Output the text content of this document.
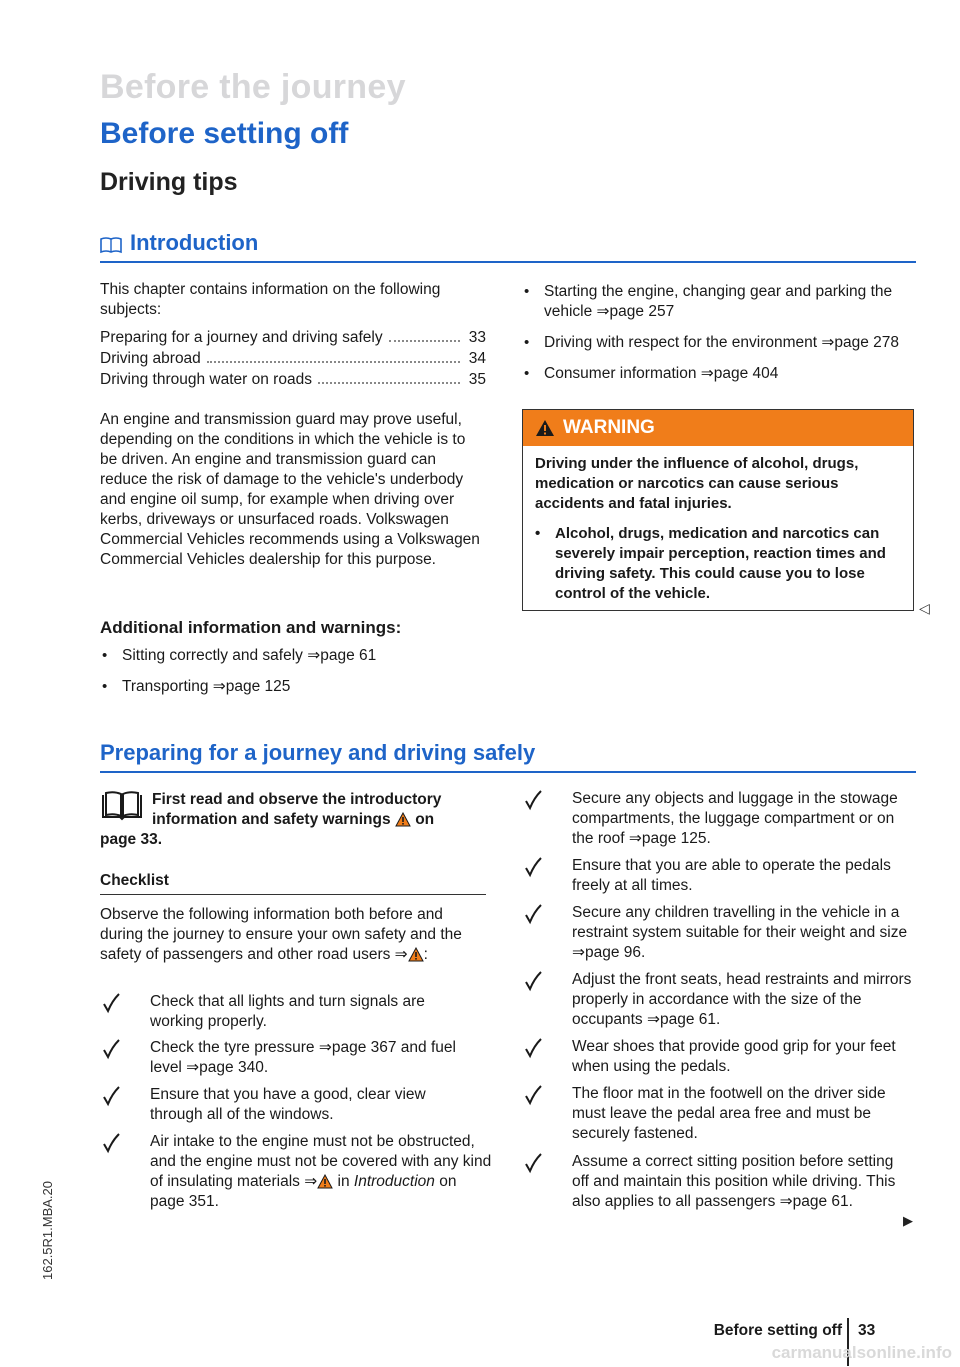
Before the journey
Before setting off
Driving tips
Introduction

This chapter contains information on the following subjects:

Preparing for a journey and driving safely	33
Driving abroad	34
Driving through water on roads	35

An engine and transmission guard may prove useful, depending on the conditions in which the vehicle is to be driven. An engine and transmission guard can reduce the risk of damage to the vehicle's underbody and engine oil sump, for example when driving over kerbs, driveways or unsurfaced roads. Volkswagen Commercial Vehicles recommends using a Volkswagen Commercial Vehicles dealership for this purpose.

Additional information and warnings:
• Sitting correctly and safely ⇒page 61
• Transporting ⇒page 125
• Starting the engine, changing gear and parking the vehicle ⇒page 257
• Driving with respect for the environment ⇒page 278
• Consumer information ⇒page 404
WARNING
Driving under the influence of alcohol, drugs, medication or narcotics can cause serious accidents and fatal injuries.
• Alcohol, drugs, medication and narcotics can severely impair perception, reaction times and driving safety. This could cause you to lose control of the vehicle.
◁
Preparing for a journey and driving safely
First read and observe the introductory
information and safety warnings on
page 33.
Checklist

Observe the following information both before and during the journey to ensure your own safety and the safety of passengers and other road users ⇒ :

Check that all lights and turn signals are working properly.
Check the tyre pressure ⇒page 367 and fuel level ⇒page 340.
Ensure that you have a good, clear view through all of the windows.
Air intake to the engine must not be obstructed, and the engine must not be covered with any kind of insulating materials ⇒ in Introduction on page 351.
Secure any objects and luggage in the stowage compartments, the luggage compartment or on the roof ⇒page 125.
Ensure that you are able to operate the pedals freely at all times.
Secure any children travelling in the vehicle in a restraint system suitable for their weight and size ⇒page 96.
Adjust the front seats, head restraints and mirrors properly in accordance with the size of the occupants ⇒page 61.
Wear shoes that provide good grip for your feet when using the pedals.
The floor mat in the footwell on the driver side must leave the pedal area free and must be securely fastened.
Assume a correct sitting position before setting off and maintain this position while driving. This also applies to all passengers ⇒page 61.
▶
Before setting off 33
162.5R1.MBA.20
carmanualsonline.info
